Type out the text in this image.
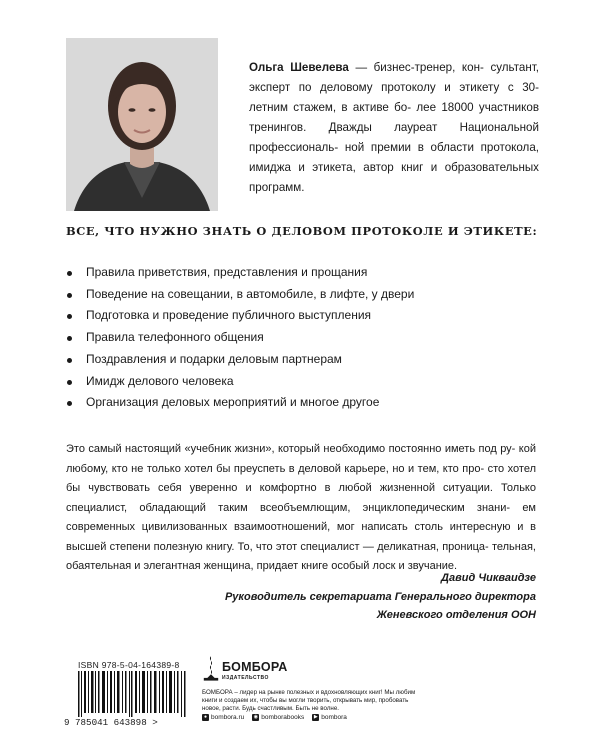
Ольга Шевелева — бизнес-тренер, кон- сультант, эксперт по деловому протоколу и этикету с 30-летним стажем, в активе бо- лее 18000 участников тренингов. Дважды лауреат Национальной профессиональ- ной премии в области протокола, имиджа и этикета, автор книг и образовательных программ.
ВСЕ, ЧТО НУЖНО ЗНАТЬ О ДЕЛОВОМ ПРОТОКОЛЕ И ЭТИКЕТЕ:
Правила приветствия, представления и прощания
Поведение на совещании, в автомобиле, в лифте, у двери
Подготовка и проведение публичного выступления
Правила телефонного общения
Поздравления и подарки деловым партнерам
Имидж делового человека
Организация деловых мероприятий и многое другое
Это самый настоящий «учебник жизни», который необходимо постоянно иметь под ру- кой любому, кто не только хотел бы преуспеть в деловой карьере, но и тем, кто про- сто хотел бы чувствовать себя уверенно и комфортно в любой жизненной ситуации. Только специалист, обладающий таким всеобъемлющим, энциклопедическим знани- ем современных цивилизованных взаимоотношений, мог написать столь интересную и в высшей степени полезную книгу. То, что этот специалист — деликатная, проница- тельная, обаятельная и элегантная женщина, придает книге особый лоск и звучание.
Давид Чикваидзе
Руководитель секретариата Генерального директора
Женевского отделения ООН
ISBN 978-5-04-164389-8
9 785041 643898 >
БОМБОРА
ИЗДАТЕЛЬСТВО
БОМБОРА – лидер на рынке полезных и вдохновляющих книг! Мы любим книги и создаем их, чтобы вы могли творить, открывать мир, пробовать новое, расти. Будь счастливым. Быть не волне.
● bombora.ru ◉ bomborabooks	▶ bombora
